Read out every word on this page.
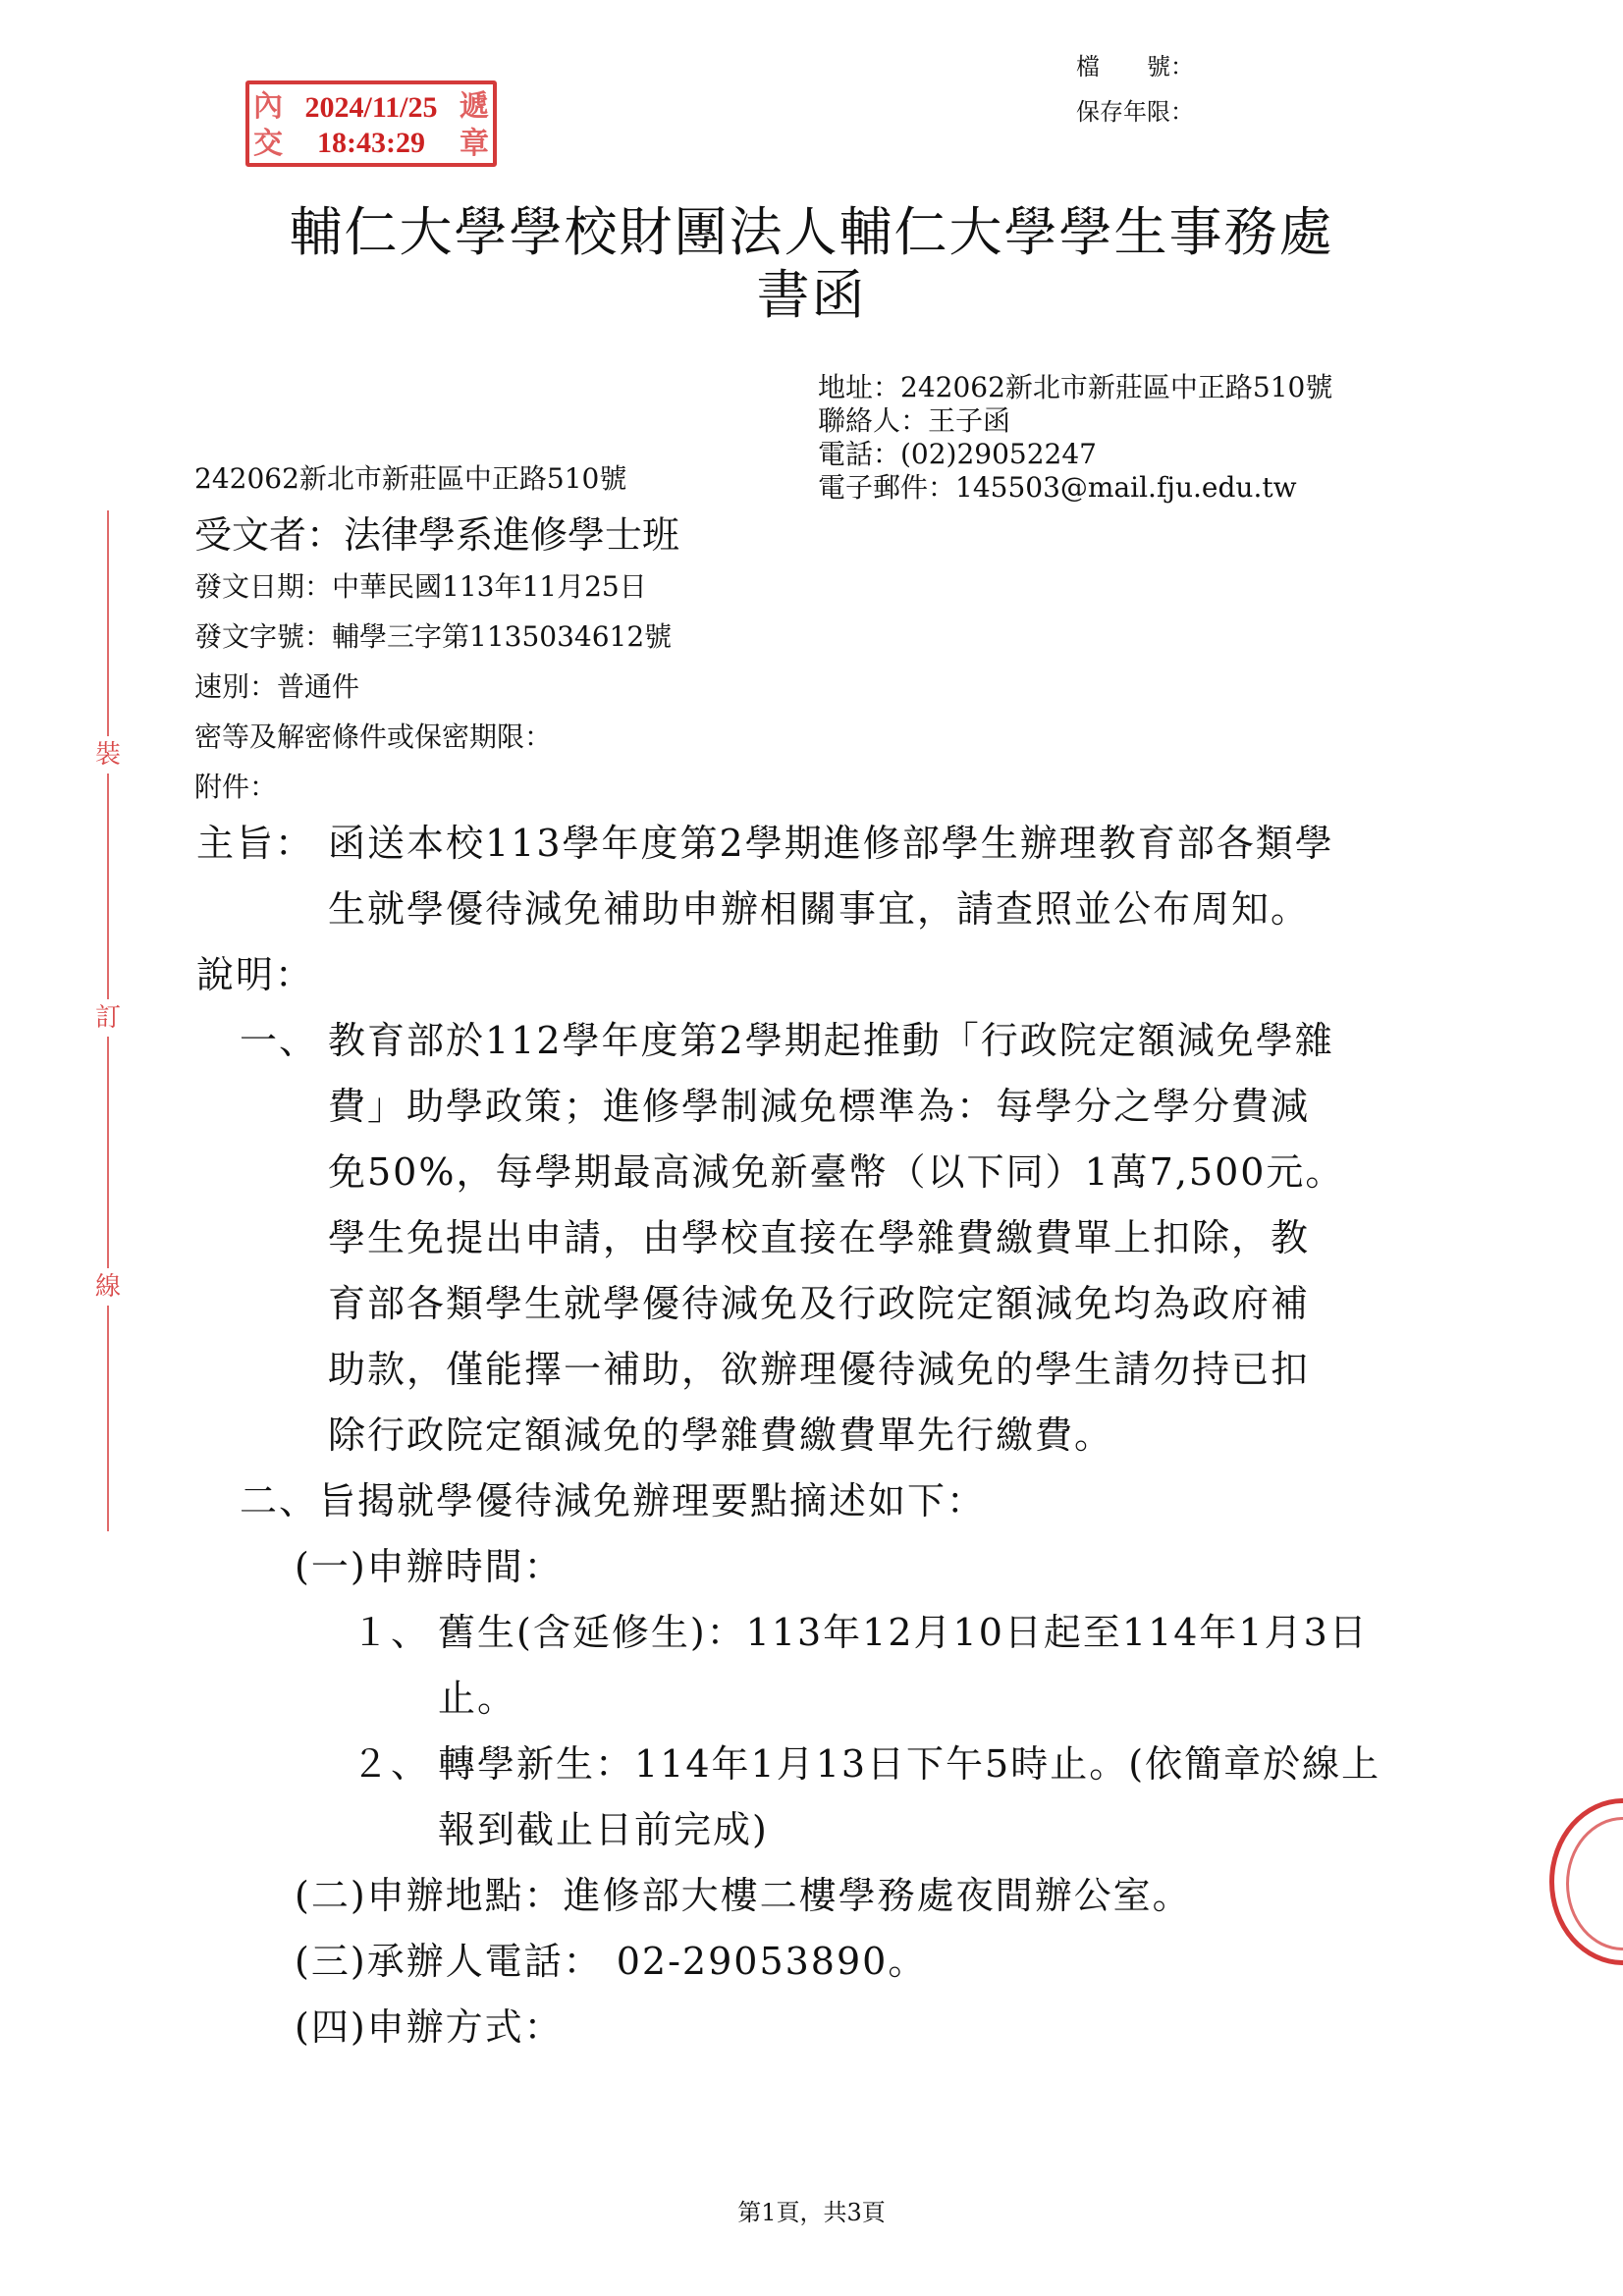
檔　　號：
保存年限：
內
交
2024/11/25
18:43:29
遞
章
輔仁大學學校財團法人輔仁大學學生事務處
書函
地址：242062新北市新莊區中正路510號
聯絡人：王子函
電話：(02)29052247
電子郵件：145503@mail.fju.edu.tw
242062新北市新莊區中正路510號
受文者：法律學系進修學士班
發文日期：中華民國113年11月25日
發文字號：輔學三字第1135034612號
速別：普通件
密等及解密條件或保密期限：
附件：
裝
訂
線
主旨： 函送本校113學年度第2學期進修部學生辦理教育部各類學
生就學優待減免補助申辦相關事宜，請查照並公布周知。
說明：
一、 教育部於112學年度第2學期起推動「行政院定額減免學雜
費」助學政策；進修學制減免標準為：每學分之學分費減
免50%，每學期最高減免新臺幣（以下同）1萬7,500元。
學生免提出申請，由學校直接在學雜費繳費單上扣除，教
育部各類學生就學優待減免及行政院定額減免均為政府補
助款，僅能擇一補助，欲辦理優待減免的學生請勿持已扣
除行政院定額減免的學雜費繳費單先行繳費。
二、旨揭就學優待減免辦理要點摘述如下：
(一)申辦時間：
１、 舊生(含延修生)：113年12月10日起至114年1月3日
止。
２、 轉學新生：114年1月13日下午5時止。(依簡章於線上
報到截止日前完成)
(二)申辦地點：進修部大樓二樓學務處夜間辦公室。
(三)承辦人電話： 02-29053890。
(四)申辦方式：
第1頁，共3頁
